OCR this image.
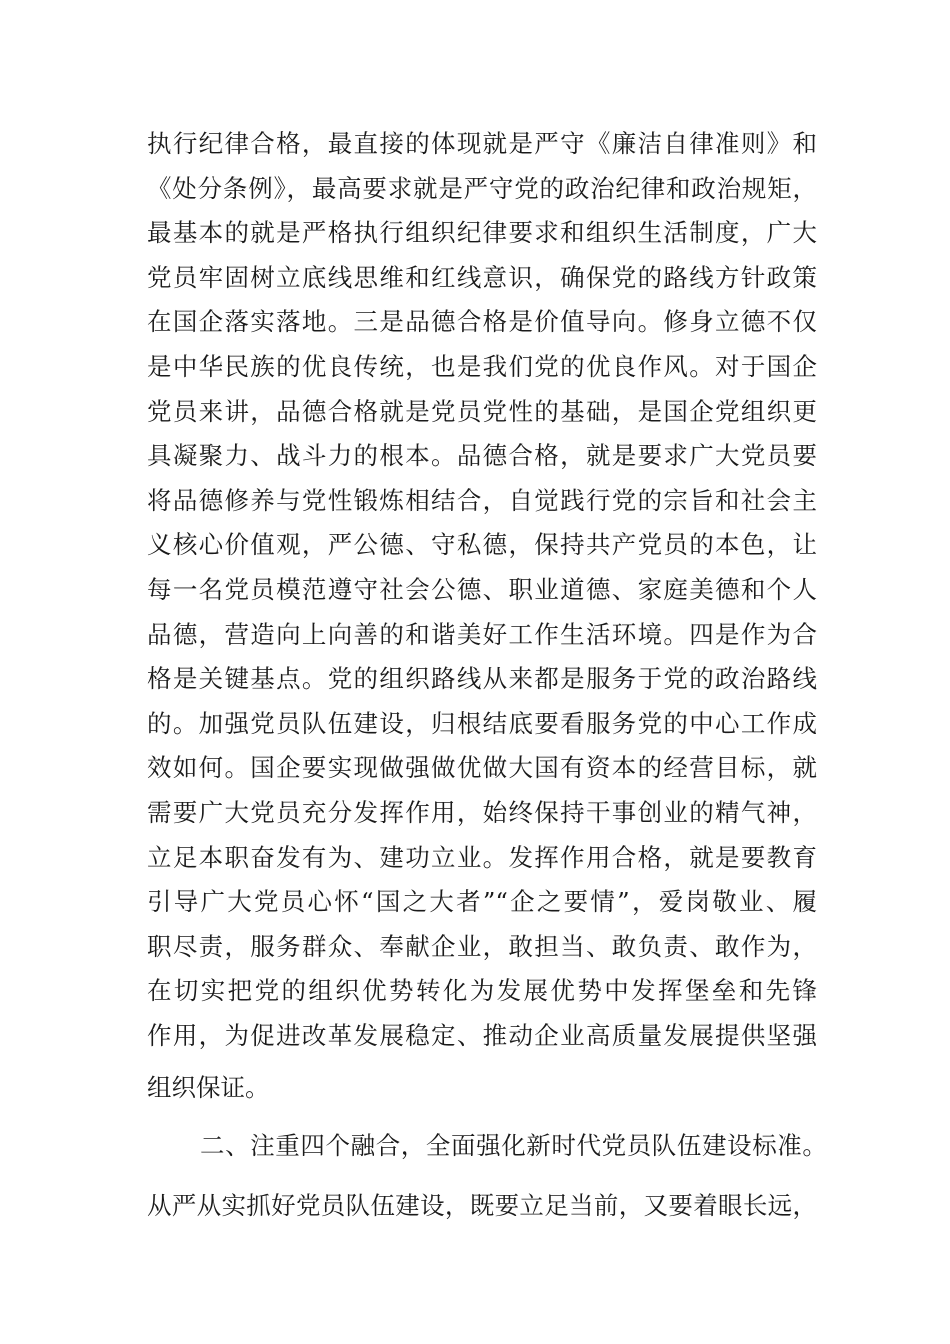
执行纪律合格，最直接的体现就是严守《廉洁自律准则》和
《处分条例》，最高要求就是严守党的政治纪律和政治规矩，
最基本的就是严格执行组织纪律要求和组织生活制度，广大
党员牢固树立底线思维和红线意识，确保党的路线方针政策
在国企落实落地。三是品德合格是价值导向。修身立德不仅
是中华民族的优良传统，也是我们党的优良作风。对于国企
党员来讲，品德合格就是党员党性的基础，是国企党组织更
具凝聚力、战斗力的根本。品德合格，就是要求广大党员要
将品德修养与党性锻炼相结合，自觉践行党的宗旨和社会主
义核心价值观，严公德、守私德，保持共产党员的本色，让
每一名党员模范遵守社会公德、职业道德、家庭美德和个人
品德，营造向上向善的和谐美好工作生活环境。四是作为合
格是关键基点。党的组织路线从来都是服务于党的政治路线
的。加强党员队伍建设，归根结底要看服务党的中心工作成
效如何。国企要实现做强做优做大国有资本的经营目标，就
需要广大党员充分发挥作用，始终保持干事创业的精气神，
立足本职奋发有为、建功立业。发挥作用合格，就是要教育
引导广大党员心怀“国之大者”“企之要情”，爱岗敬业、履
职尽责，服务群众、奉献企业，敢担当、敢负责、敢作为，
在切实把党的组织优势转化为发展优势中发挥堡垒和先锋
作用，为促进改革发展稳定、推动企业高质量发展提供坚强
组织保证。
二、注重四个融合，全面强化新时代党员队伍建设标准。
从严从实抓好党员队伍建设，既要立足当前，又要着眼长远，
